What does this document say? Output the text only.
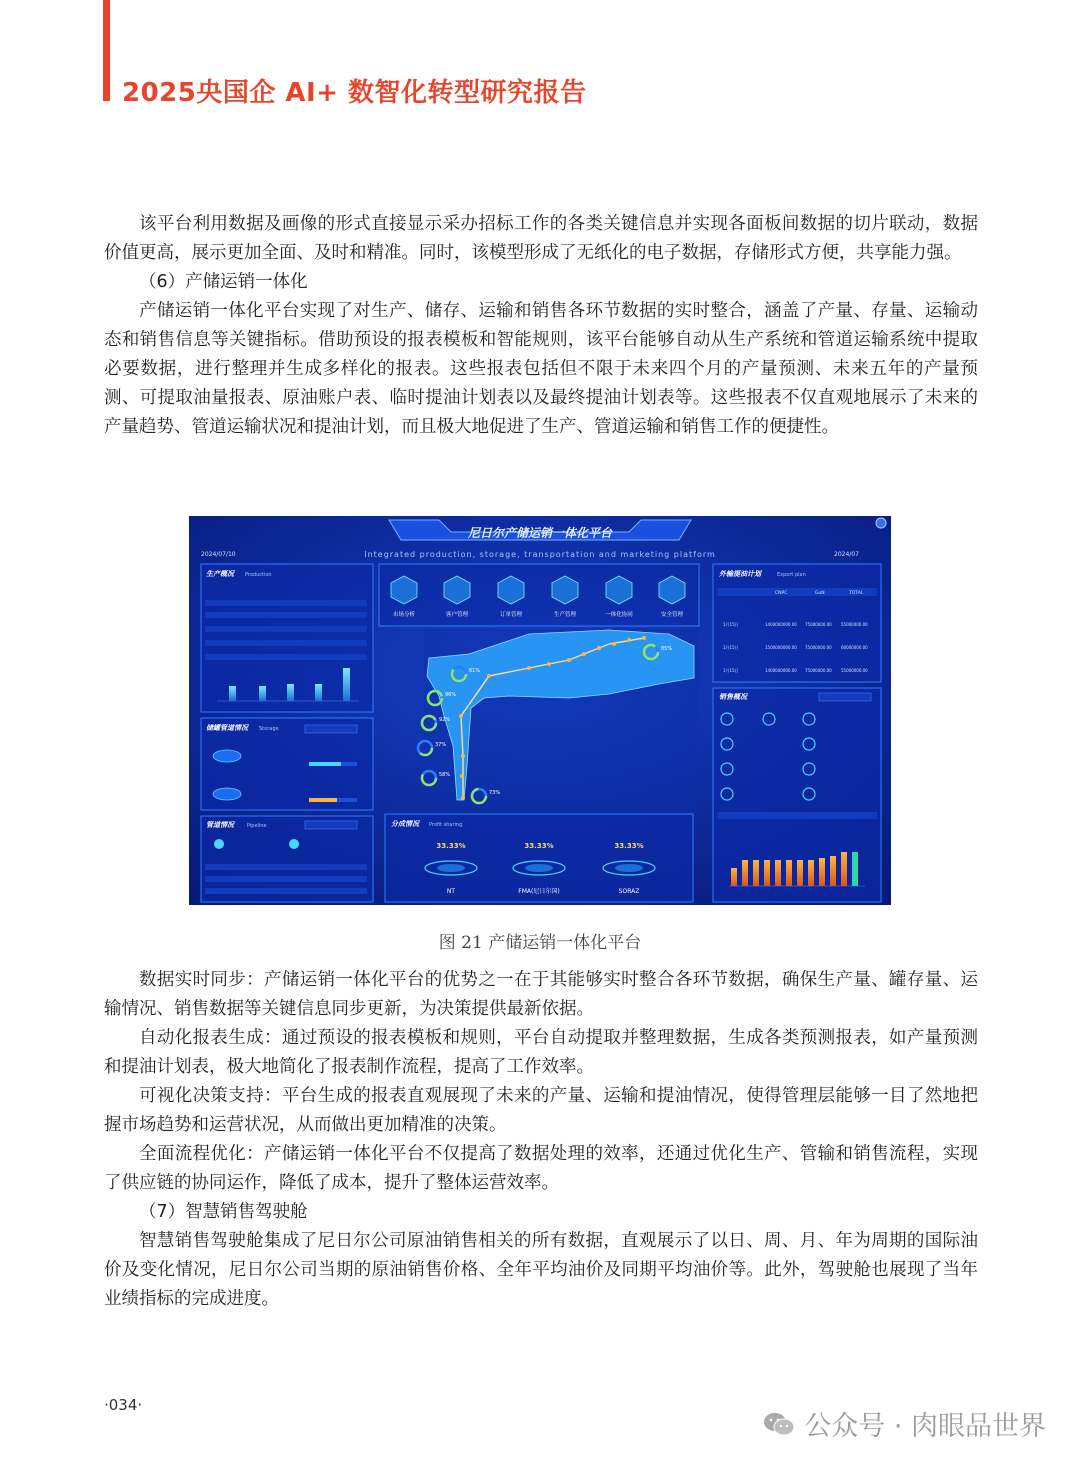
2025央国企 AI+ 数智化转型研究报告

该平台利用数据及画像的形式直接显示采办招标工作的各类关键信息并实现各面板间数据的切片联动，数据价值更高，展示更加全面、及时和精准。同时，该模型形成了无纸化的电子数据，存储形式方便，共享能力强。

（6）产储运销一体化

产储运销一体化平台实现了对生产、储存、运输和销售各环节数据的实时整合，涵盖了产量、存量、运输动态和销售信息等关键指标。借助预设的报表模板和智能规则，该平台能够自动从生产系统和管道运输系统中提取必要数据，进行整理并生成多样化的报表。这些报表包括但不限于未来四个月的产量预测、未来五年的产量预测、可提取油量报表、原油账户表、临时提油计划表以及最终提油计划表等。这些报表不仅直观地展示了未来的产量趋势、管道运输状况和提油计划，而且极大地促进了生产、管道运输和销售工作的便捷性。

尼日尔产储运销一体化平台
Integrated production, storage, transportation and marketing platform
2024/07/10	2024/07
生产概况	Production
储罐管道情况	Storage
管道情况	Pipeline
市场分析	客户管理	订单管理	生产管理	一体化协同	安全管理
85%
61%
96%
92%
37%
58%
73%
分成情况	Profit sharing
33.33%
NT
33.33%
FMA(尼日尔国)
33.33%
SORAZ
外输提油计划	Export plan
CNPC	GoN	TOTAL
1月15日	1400000000.00 75000000.00 55000000.00
1月15日	1500000000.00 75000000.00 60000000.00
1月15日	1400000000.00 75000000.00 55000000.00
销售概况
图 21 产储运销一体化平台

数据实时同步：产储运销一体化平台的优势之一在于其能够实时整合各环节数据，确保生产量、罐存量、运输情况、销售数据等关键信息同步更新，为决策提供最新依据。

自动化报表生成：通过预设的报表模板和规则，平台自动提取并整理数据，生成各类预测报表，如产量预测和提油计划表，极大地简化了报表制作流程，提高了工作效率。

可视化决策支持：平台生成的报表直观展现了未来的产量、运输和提油情况，使得管理层能够一目了然地把握市场趋势和运营状况，从而做出更加精准的决策。

全面流程优化：产储运销一体化平台不仅提高了数据处理的效率，还通过优化生产、管输和销售流程，实现了供应链的协同运作，降低了成本，提升了整体运营效率。

（7）智慧销售驾驶舱

智慧销售驾驶舱集成了尼日尔公司原油销售相关的所有数据，直观展示了以日、周、月、年为周期的国际油价及变化情况，尼日尔公司当期的原油销售价格、全年平均油价及同期平均油价等。此外，驾驶舱也展现了当年业绩指标的完成进度。

·034·
公众号 · 肉眼品世界
